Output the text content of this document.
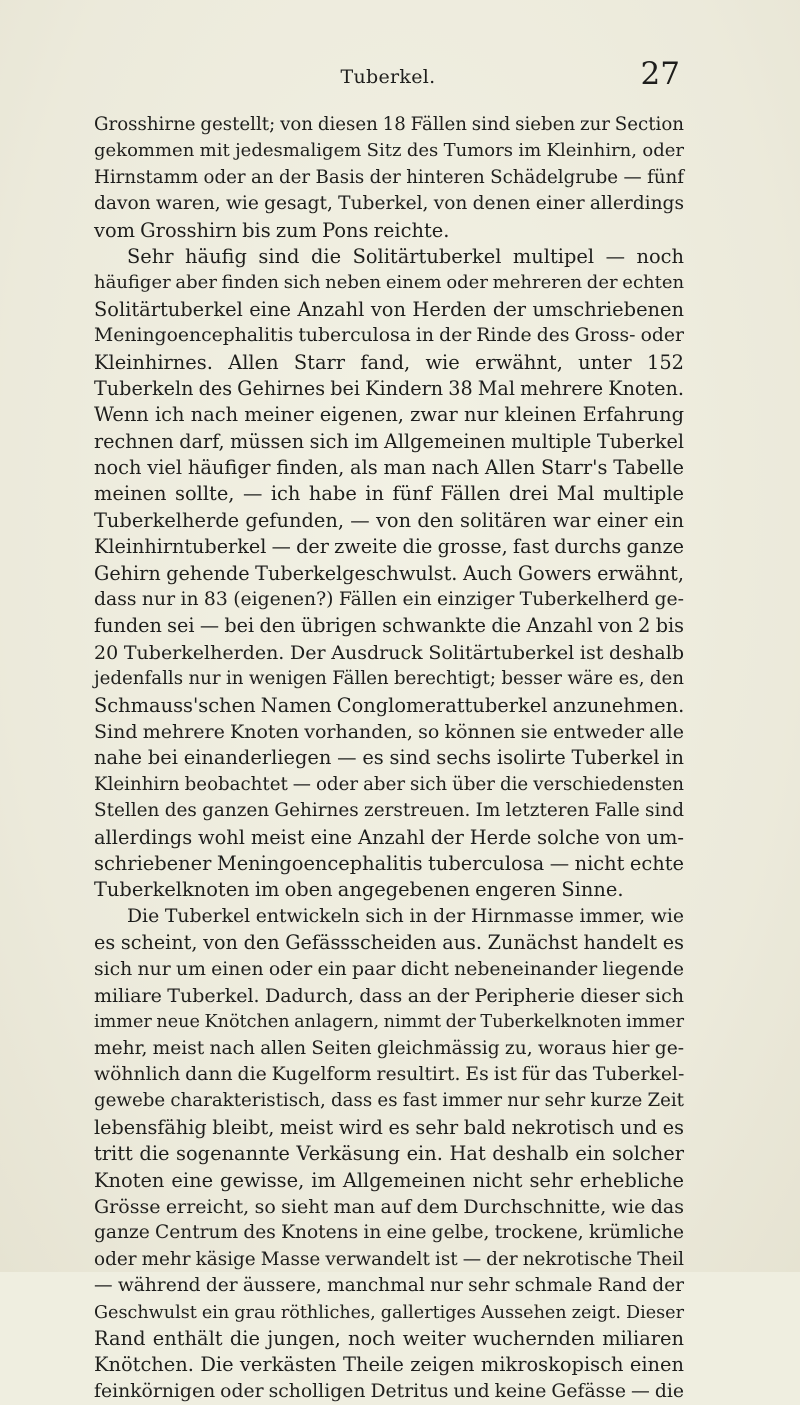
Tuberkel.	27
Grosshirne gestellt; von diesen 18 Fällen sind sieben zur Section
gekommen mit jedesmaligem Sitz des Tumors im Kleinhirn, oder
Hirnstamm oder an der Basis der hinteren Schädelgrube — fünf
davon waren, wie gesagt, Tuberkel, von denen einer allerdings
vom Grosshirn bis zum Pons reichte.
Sehr häufig sind die Solitärtuberkel multipel — noch
häufiger aber finden sich neben einem oder mehreren der echten
Solitärtuberkel eine Anzahl von Herden der umschriebenen
Meningoencephalitis tuberculosa in der Rinde des Gross- oder
Kleinhirnes. Allen Starr fand, wie erwähnt, unter 152
Tuberkeln des Gehirnes bei Kindern 38 Mal mehrere Knoten.
Wenn ich nach meiner eigenen, zwar nur kleinen Erfahrung
rechnen darf, müssen sich im Allgemeinen multiple Tuberkel
noch viel häufiger finden, als man nach Allen Starr's Tabelle
meinen sollte, — ich habe in fünf Fällen drei Mal multiple
Tuberkelherde gefunden, — von den solitären war einer ein
Kleinhirntuberkel — der zweite die grosse, fast durchs ganze
Gehirn gehende Tuberkelgeschwulst. Auch Gowers erwähnt,
dass nur in 83 (eigenen?) Fällen ein einziger Tuberkelherd ge-
funden sei — bei den übrigen schwankte die Anzahl von 2 bis
20 Tuberkelherden. Der Ausdruck Solitärtuberkel ist deshalb
jedenfalls nur in wenigen Fällen berechtigt; besser wäre es, den
Schmauss'schen Namen Conglomerattuberkel anzunehmen.
Sind mehrere Knoten vorhanden, so können sie entweder alle
nahe bei einanderliegen — es sind sechs isolirte Tuberkel in
Kleinhirn beobachtet — oder aber sich über die verschiedensten
Stellen des ganzen Gehirnes zerstreuen. Im letzteren Falle sind
allerdings wohl meist eine Anzahl der Herde solche von um-
schriebener Meningoencephalitis tuberculosa — nicht echte
Tuberkelknoten im oben angegebenen engeren Sinne.
Die Tuberkel entwickeln sich in der Hirnmasse immer, wie
es scheint, von den Gefässscheiden aus. Zunächst handelt es
sich nur um einen oder ein paar dicht nebeneinander liegende
miliare Tuberkel. Dadurch, dass an der Peripherie dieser sich
immer neue Knötchen anlagern, nimmt der Tuberkelknoten immer
mehr, meist nach allen Seiten gleichmässig zu, woraus hier ge-
wöhnlich dann die Kugelform resultirt. Es ist für das Tuberkel-
gewebe charakteristisch, dass es fast immer nur sehr kurze Zeit
lebensfähig bleibt, meist wird es sehr bald nekrotisch und es
tritt die sogenannte Verkäsung ein. Hat deshalb ein solcher
Knoten eine gewisse, im Allgemeinen nicht sehr erhebliche
Grösse erreicht, so sieht man auf dem Durchschnitte, wie das
ganze Centrum des Knotens in eine gelbe, trockene, krümliche
oder mehr käsige Masse verwandelt ist — der nekrotische Theil
— während der äussere, manchmal nur sehr schmale Rand der
Geschwulst ein grau röthliches, gallertiges Aussehen zeigt. Dieser
Rand enthält die jungen, noch weiter wuchernden miliaren
Knötchen. Die verkästen Theile zeigen mikroskopisch einen
feinkörnigen oder scholligen Detritus und keine Gefässe — die
